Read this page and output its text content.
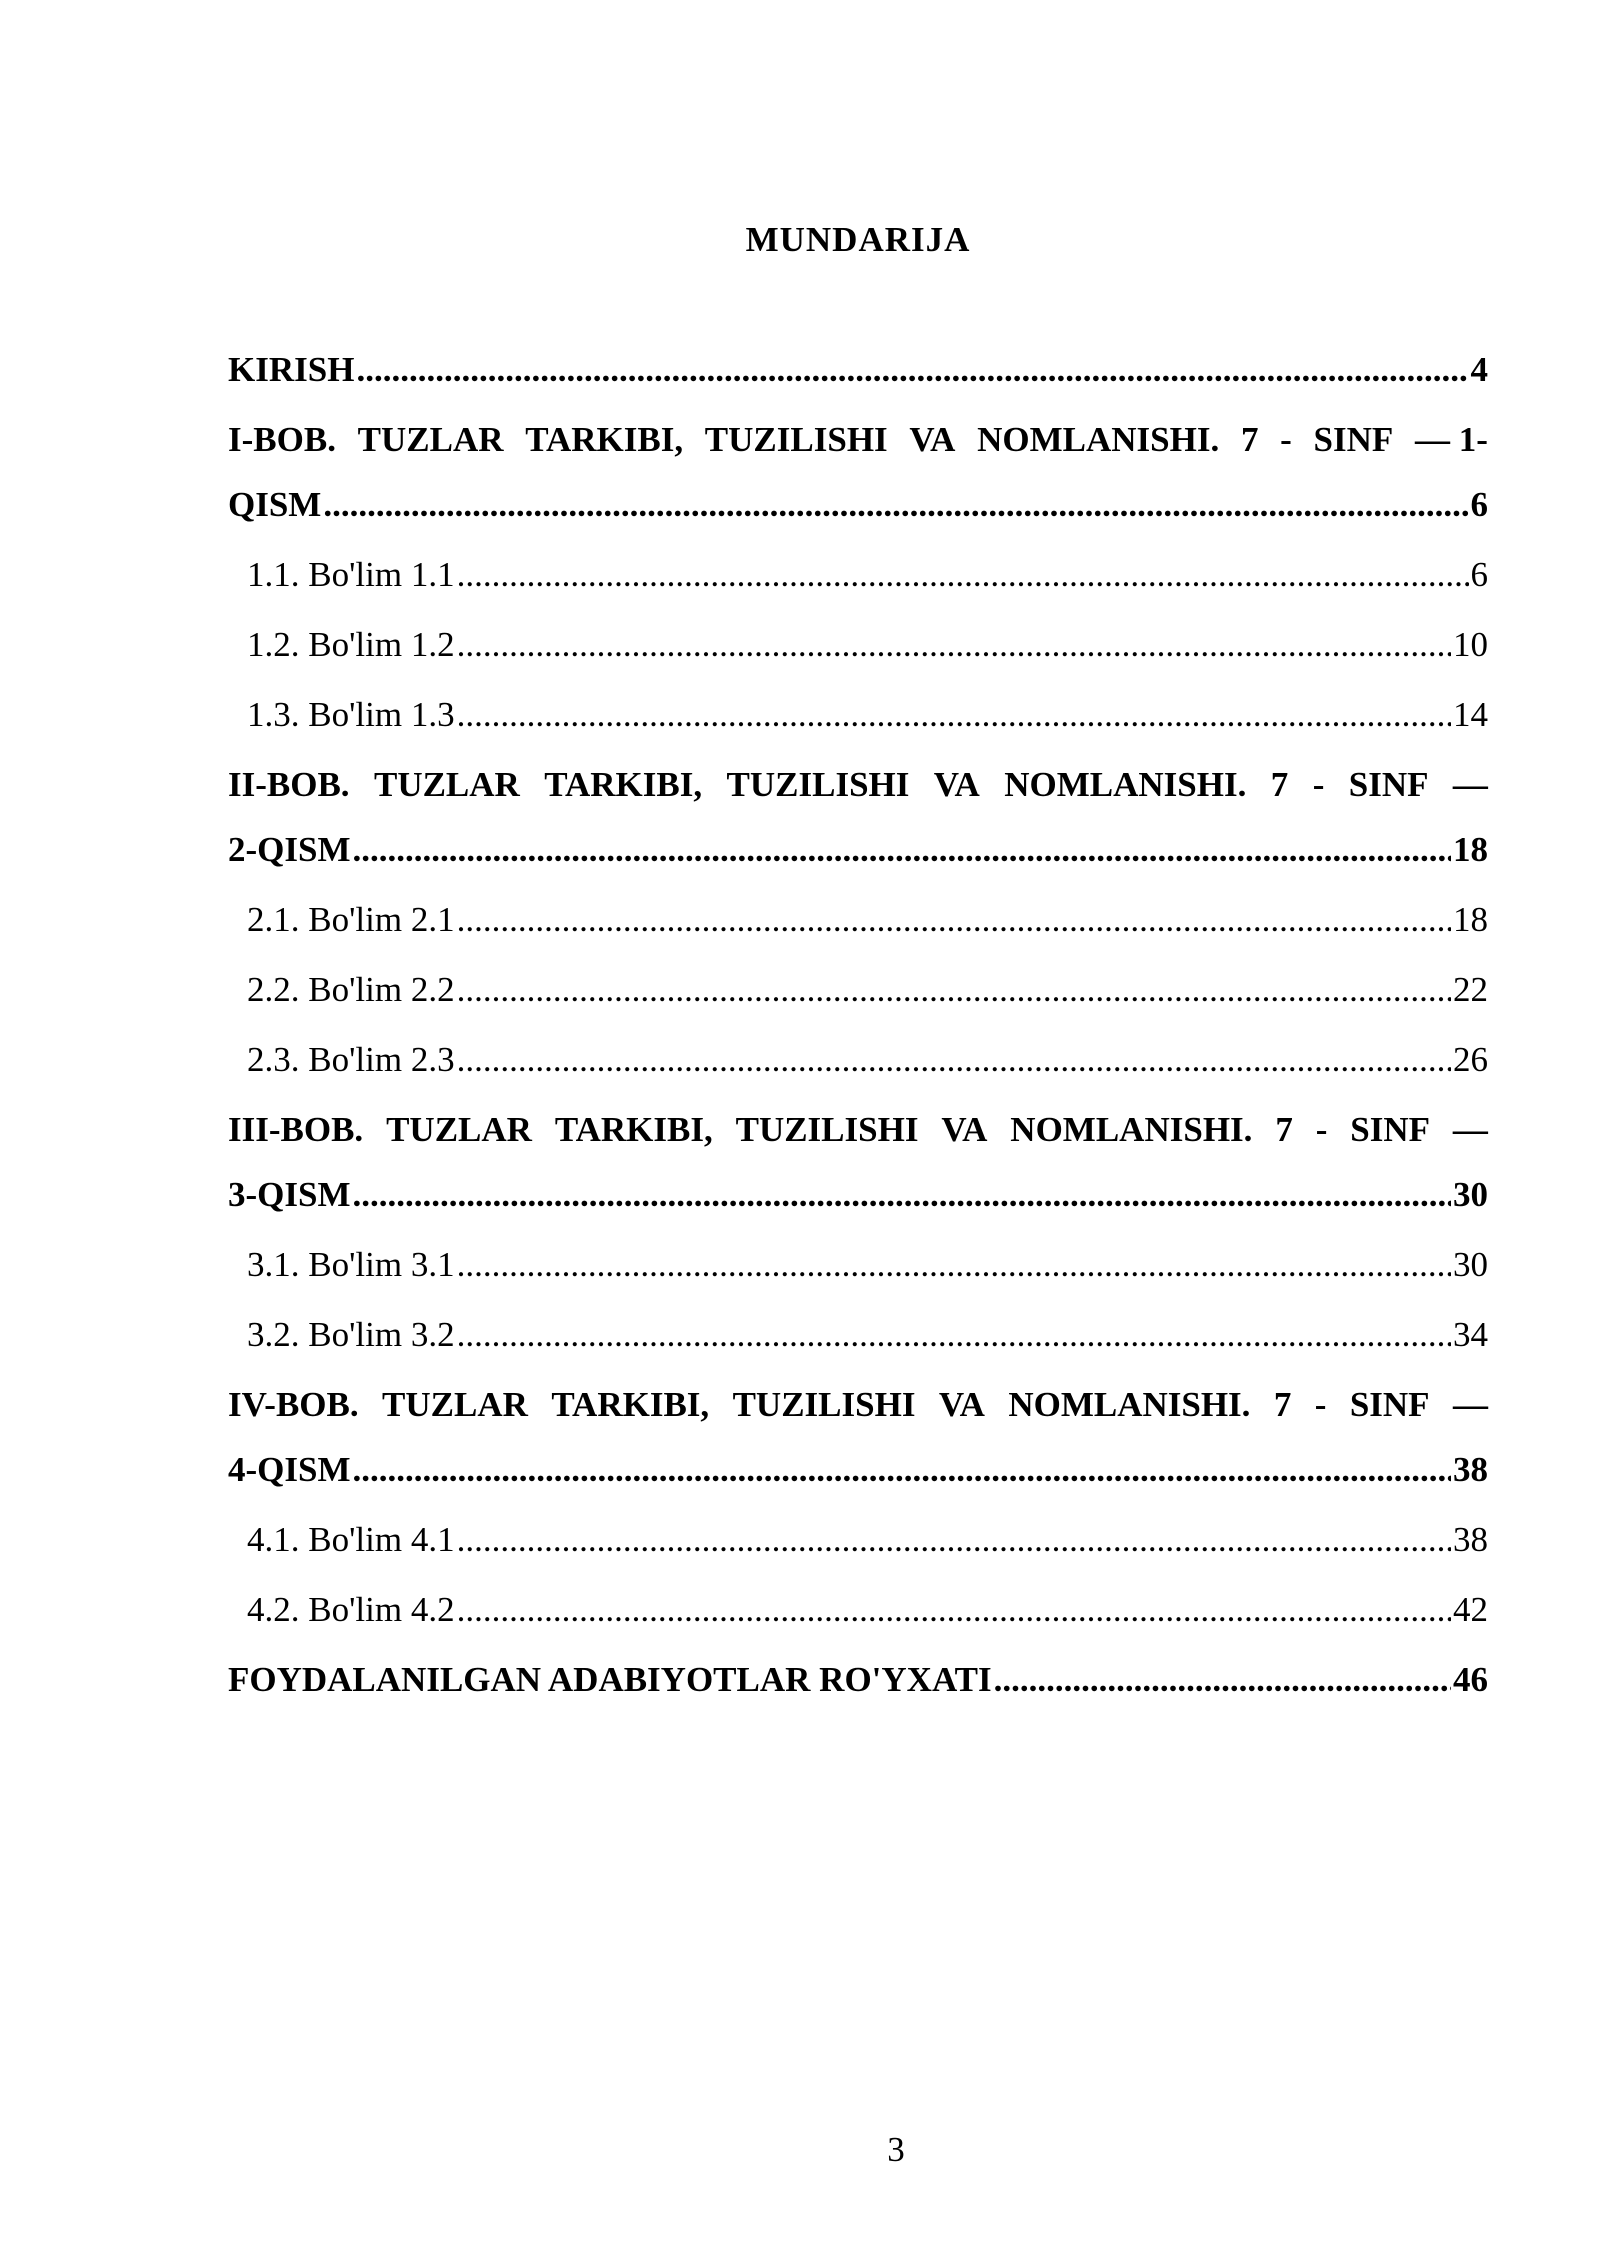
MUNDARIJA
KIRISH .....	4
I-BOB. TUZLAR TARKIBI, TUZILISHI VA NOMLANISHI. 7 - SINF — 1-
QISM .....	6
1.1. Bo'lim 1.1 .....	6
1.2. Bo'lim 1.2 .....	10
1.3. Bo'lim 1.3 .....	14
II-BOB. TUZLAR TARKIBI, TUZILISHI VA NOMLANISHI. 7 - SINF —
2-QISM .....	18
2.1. Bo'lim 2.1 .....	18
2.2. Bo'lim 2.2 .....	22
2.3. Bo'lim 2.3 .....	26
III-BOB. TUZLAR TARKIBI, TUZILISHI VA NOMLANISHI. 7 - SINF —
3-QISM .....	30
3.1. Bo'lim 3.1 .....	30
3.2. Bo'lim 3.2 .....	34
IV-BOB. TUZLAR TARKIBI, TUZILISHI VA NOMLANISHI. 7 - SINF —
4-QISM .....	38
4.1. Bo'lim 4.1 .....	38
4.2. Bo'lim 4.2 .....	42
FOYDALANILGAN ADABIYOTLAR RO'YXATI .....	46
3
